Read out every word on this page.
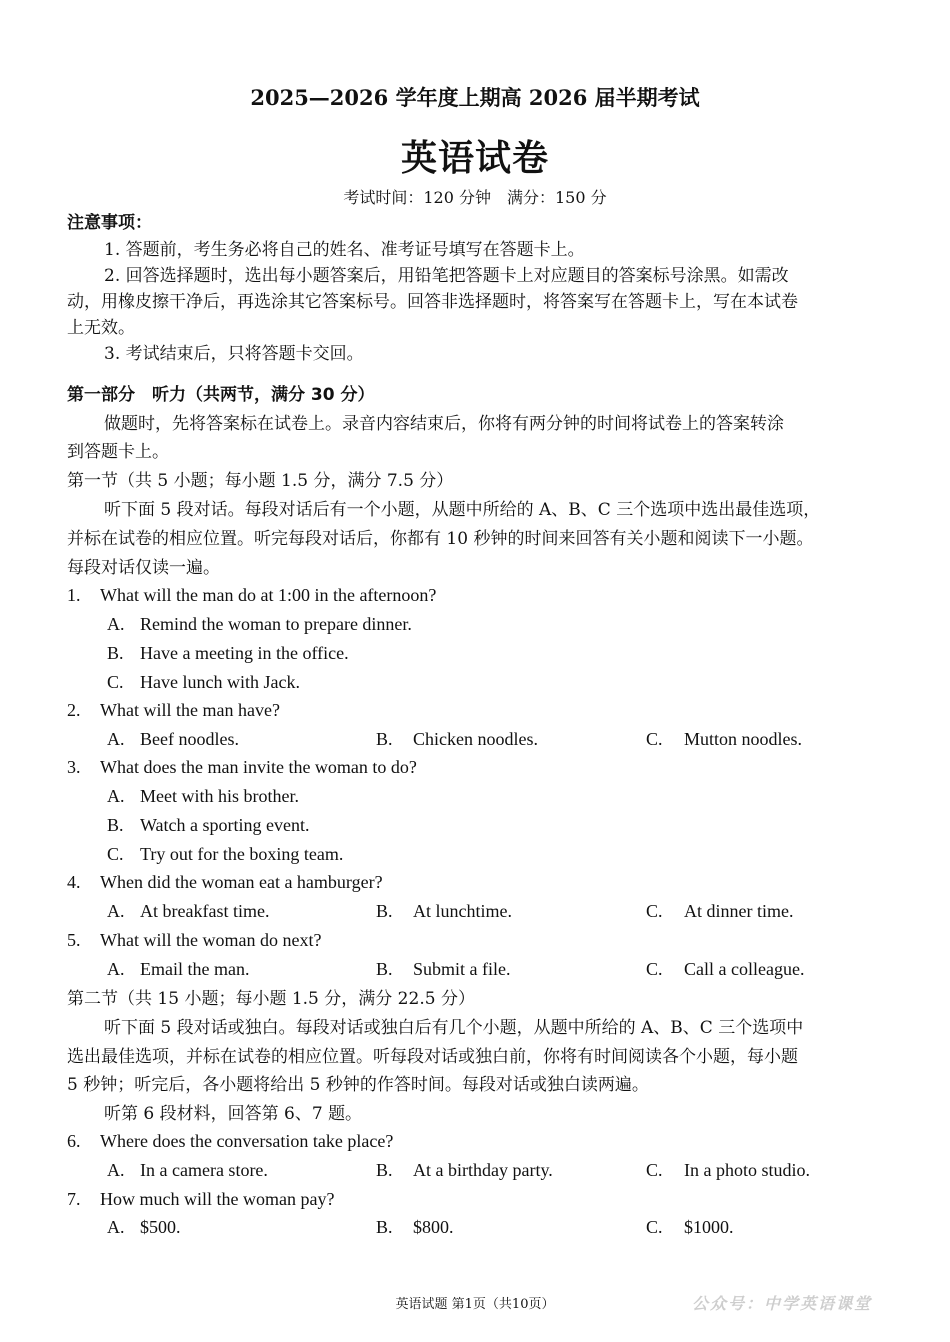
2025—2026 学年度上期高 2026 届半期考试
英语试卷
考试时间：120 分钟　满分：150 分
注意事项：
1. 答题前，考生务必将自己的姓名、准考证号填写在答题卡上。
2. 回答选择题时，选出每小题答案后，用铅笔把答题卡上对应题目的答案标号涂黑。如需改
动，用橡皮擦干净后，再选涂其它答案标号。回答非选择题时，将答案写在答题卡上，写在本试卷
上无效。
3. 考试结束后，只将答题卡交回。
第一部分　听力（共两节，满分 30 分）
做题时，先将答案标在试卷上。录音内容结束后，你将有两分钟的时间将试卷上的答案转涂
到答题卡上。
第一节（共 5 小题；每小题 1.5 分，满分 7.5 分）
听下面 5 段对话。每段对话后有一个小题，从题中所给的 A、B、C 三个选项中选出最佳选项，
并标在试卷的相应位置。听完每段对话后，你都有 10 秒钟的时间来回答有关小题和阅读下一小题。
每段对话仅读一遍。
1. What will the man do at 1:00 in the afternoon?
A. Remind the woman to prepare dinner.
B. Have a meeting in the office.
C. Have lunch with Jack.
2. What will the man have?
A. Beef noodles.	B. Chicken noodles.	C. Mutton noodles.
3. What does the man invite the woman to do?
A. Meet with his brother.
B. Watch a sporting event.
C. Try out for the boxing team.
4. When did the woman eat a hamburger?
A. At breakfast time.	B. At lunchtime.	C. At dinner time.
5. What will the woman do next?
A. Email the man.	B. Submit a file.	C. Call a colleague.
第二节（共 15 小题；每小题 1.5 分，满分 22.5 分）
听下面 5 段对话或独白。每段对话或独白后有几个小题，从题中所给的 A、B、C 三个选项中
选出最佳选项，并标在试卷的相应位置。听每段对话或独白前，你将有时间阅读各个小题，每小题
5 秒钟；听完后，各小题将给出 5 秒钟的作答时间。每段对话或独白读两遍。
听第 6 段材料，回答第 6、7 题。
6. Where does the conversation take place?
A. In a camera store.	B. At a birthday party.	C. In a photo studio.
7. How much will the woman pay?
A. $500.	B. $800.	C. $1000.
英语试题 第1页（共10页）	公众号：中学英语课堂
